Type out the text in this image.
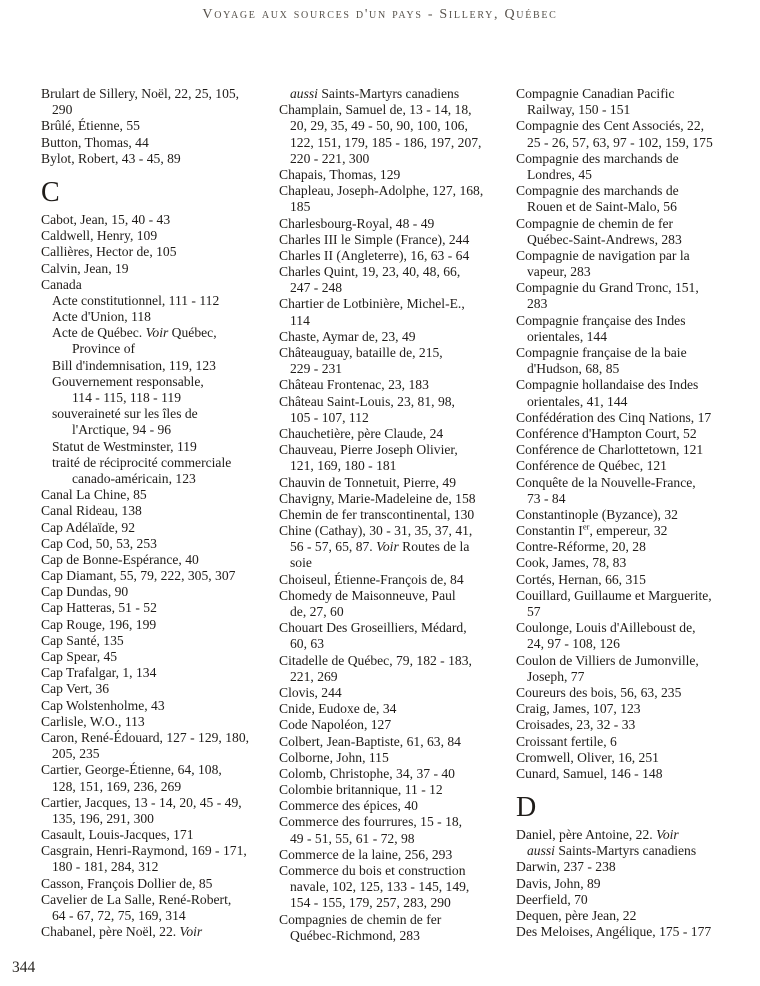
Voyage aux sources d'un pays - Sillery, Québec
Brulart de Sillery, Noël, 22, 25, 105,
290
Brûlé, Étienne, 55
Button, Thomas, 44
Bylot, Robert, 43 - 45, 89
C
Cabot, Jean, 15, 40 - 43
Caldwell, Henry, 109
Callières, Hector de, 105
Calvin, Jean, 19
Canada
Acte constitutionnel, 111 - 112
Acte d'Union, 118
Acte de Québec. Voir Québec,
Province of
Bill d'indemnisation, 119, 123
Gouvernement responsable,
114 - 115, 118 - 119
souveraineté sur les îles de
l'Arctique, 94 - 96
Statut de Westminster, 119
traité de réciprocité commerciale
canado-américain, 123
Canal La Chine, 85
Canal Rideau, 138
Cap Adélaïde, 92
Cap Cod, 50, 53, 253
Cap de Bonne-Espérance, 40
Cap Diamant, 55, 79, 222, 305, 307
Cap Dundas, 90
Cap Hatteras, 51 - 52
Cap Rouge, 196, 199
Cap Santé, 135
Cap Spear, 45
Cap Trafalgar, 1, 134
Cap Vert, 36
Cap Wolstenholme, 43
Carlisle, W.O., 113
Caron, René-Édouard, 127 - 129, 180,
205, 235
Cartier, George-Étienne, 64, 108,
128, 151, 169, 236, 269
Cartier, Jacques, 13 - 14, 20, 45 - 49,
135, 196, 291, 300
Casault, Louis-Jacques, 171
Casgrain, Henri-Raymond, 169 - 171,
180 - 181, 284, 312
Casson, François Dollier de, 85
Cavelier de La Salle, René-Robert,
64 - 67, 72, 75, 169, 314
Chabanel, père Noël, 22. Voir
aussi Saints-Martyrs canadiens
Champlain, Samuel de, 13 - 14, 18,
20, 29, 35, 49 - 50, 90, 100, 106,
122, 151, 179, 185 - 186, 197, 207,
220 - 221, 300
Chapais, Thomas, 129
Chapleau, Joseph-Adolphe, 127, 168,
185
Charlesbourg-Royal, 48 - 49
Charles III le Simple (France), 244
Charles II (Angleterre), 16, 63 - 64
Charles Quint, 19, 23, 40, 48, 66,
247 - 248
Chartier de Lotbinière, Michel-E.,
114
Chaste, Aymar de, 23, 49
Châteauguay, bataille de, 215,
229 - 231
Château Frontenac, 23, 183
Château Saint-Louis, 23, 81, 98,
105 - 107, 112
Chauchetière, père Claude, 24
Chauveau, Pierre Joseph Olivier,
121, 169, 180 - 181
Chauvin de Tonnetuit, Pierre, 49
Chavigny, Marie-Madeleine de, 158
Chemin de fer transcontinental, 130
Chine (Cathay), 30 - 31, 35, 37, 41,
56 - 57, 65, 87. Voir Routes de la
soie
Choiseul, Étienne-François de, 84
Chomedy de Maisonneuve, Paul
de, 27, 60
Chouart Des Groseilliers, Médard,
60, 63
Citadelle de Québec, 79, 182 - 183,
221, 269
Clovis, 244
Cnide, Eudoxe de, 34
Code Napoléon, 127
Colbert, Jean-Baptiste, 61, 63, 84
Colborne, John, 115
Colomb, Christophe, 34, 37 - 40
Colombie britannique, 11 - 12
Commerce des épices, 40
Commerce des fourrures, 15 - 18,
49 - 51, 55, 61 - 72, 98
Commerce de la laine, 256, 293
Commerce du bois et construction
navale, 102, 125, 133 - 145, 149,
154 - 155, 179, 257, 283, 290
Compagnies de chemin de fer
Québec-Richmond, 283
Compagnie Canadian Pacific
Railway, 150 - 151
Compagnie des Cent Associés, 22,
25 - 26, 57, 63, 97 - 102, 159, 175
Compagnie des marchands de
Londres, 45
Compagnie des marchands de
Rouen et de Saint-Malo, 56
Compagnie de chemin de fer
Québec-Saint-Andrews, 283
Compagnie de navigation par la
vapeur, 283
Compagnie du Grand Tronc, 151,
283
Compagnie française des Indes
orientales, 144
Compagnie française de la baie
d'Hudson, 68, 85
Compagnie hollandaise des Indes
orientales, 41, 144
Confédération des Cinq Nations, 17
Conférence d'Hampton Court, 52
Conférence de Charlottetown, 121
Conférence de Québec, 121
Conquête de la Nouvelle-France,
73 - 84
Constantinople (Byzance), 32
Constantin Ier, empereur, 32
Contre-Réforme, 20, 28
Cook, James, 78, 83
Cortés, Hernan, 66, 315
Couillard, Guillaume et Marguerite,
57
Coulonge, Louis d'Ailleboust de,
24, 97 - 108, 126
Coulon de Villiers de Jumonville,
Joseph, 77
Coureurs des bois, 56, 63, 235
Craig, James, 107, 123
Croisades, 23, 32 - 33
Croissant fertile, 6
Cromwell, Oliver, 16, 251
Cunard, Samuel, 146 - 148
D
Daniel, père Antoine, 22. Voir
aussi Saints-Martyrs canadiens
Darwin, 237 - 238
Davis, John, 89
Deerfield, 70
Dequen, père Jean, 22
Des Meloises, Angélique, 175 - 177
344
